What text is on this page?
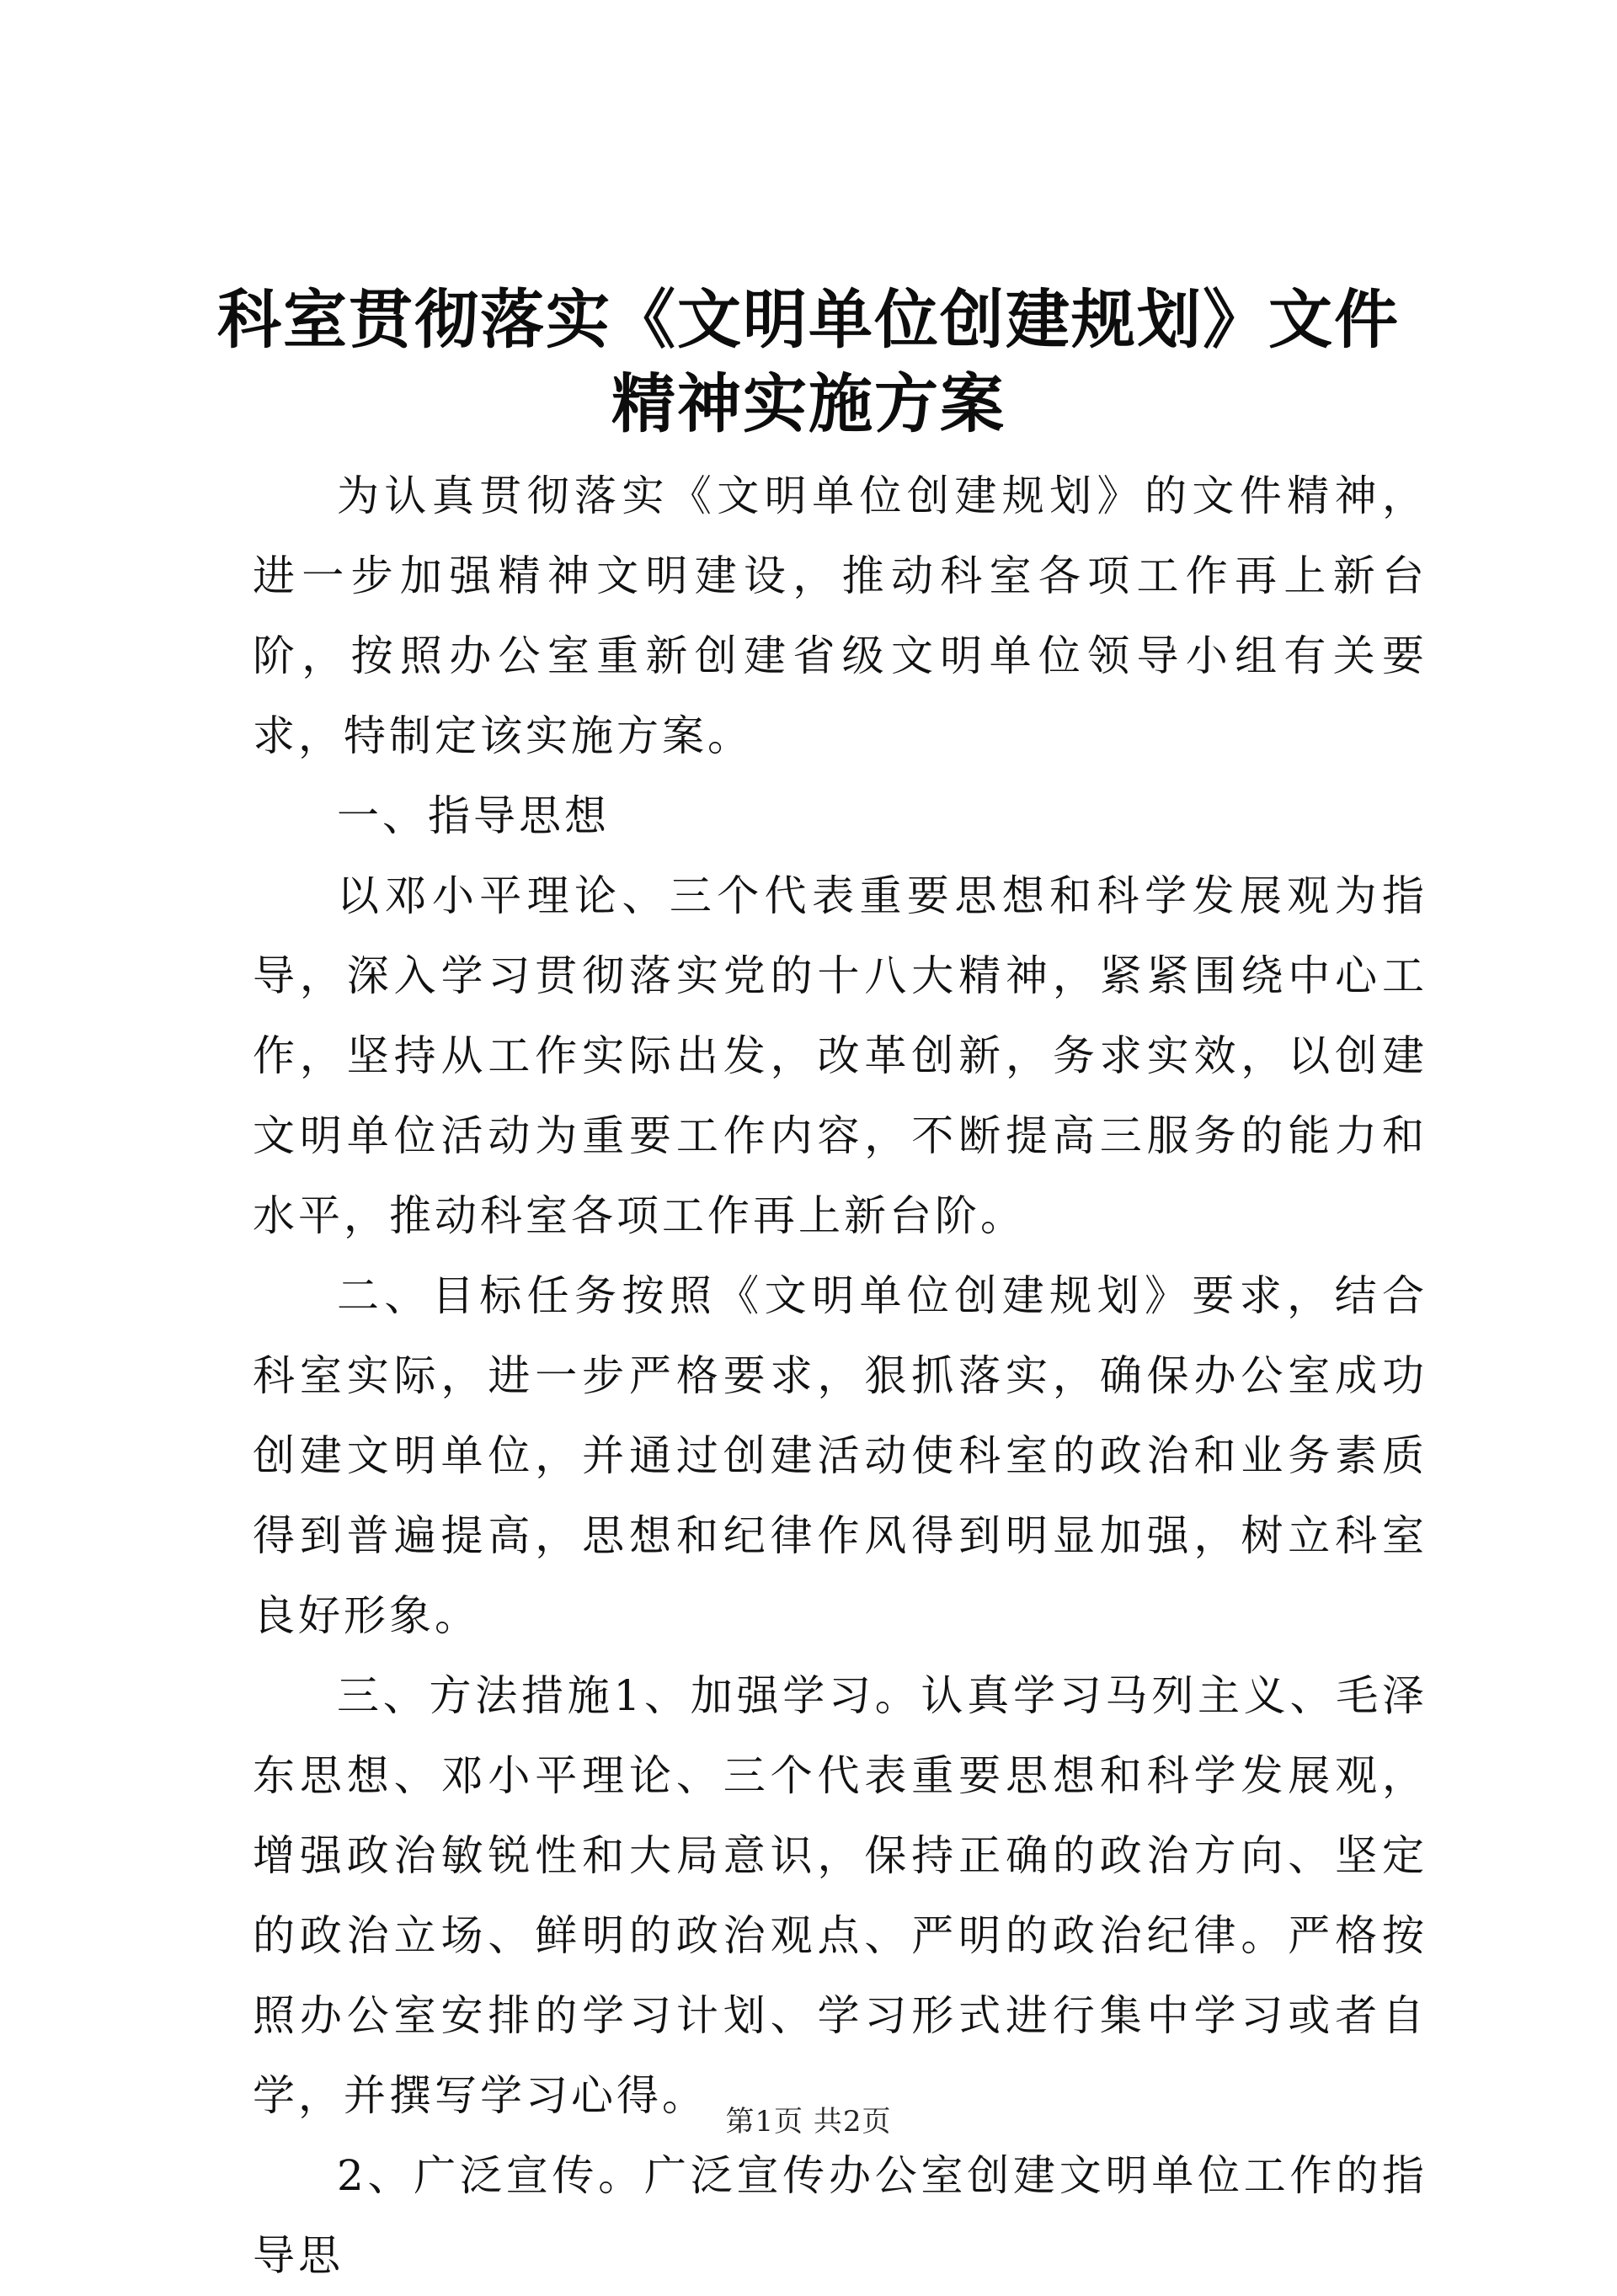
科室贯彻落实《文明单位创建规划》文件精神实施方案

为认真贯彻落实《文明单位创建规划》的文件精神，进一步加强精神文明建设，推动科室各项工作再上新台阶，按照办公室重新创建省级文明单位领导小组有关要求，特制定该实施方案。

一、指导思想

以邓小平理论、三个代表重要思想和科学发展观为指导，深入学习贯彻落实党的十八大精神，紧紧围绕中心工作，坚持从工作实际出发，改革创新，务求实效，以创建文明单位活动为重要工作内容，不断提高三服务的能力和水平，推动科室各项工作再上新台阶。

二、目标任务按照《文明单位创建规划》要求，结合科室实际，进一步严格要求，狠抓落实，确保办公室成功创建文明单位，并通过创建活动使科室的政治和业务素质得到普遍提高，思想和纪律作风得到明显加强，树立科室良好形象。

三、方法措施1、加强学习。认真学习马列主义、毛泽东思想、邓小平理论、三个代表重要思想和科学发展观，增强政治敏锐性和大局意识，保持正确的政治方向、坚定的政治立场、鲜明的政治观点、严明的政治纪律。严格按照办公室安排的学习计划、学习形式进行集中学习或者自学，并撰写学习心得。

2、广泛宣传。广泛宣传办公室创建文明单位工作的指导思

第1页 共2页
